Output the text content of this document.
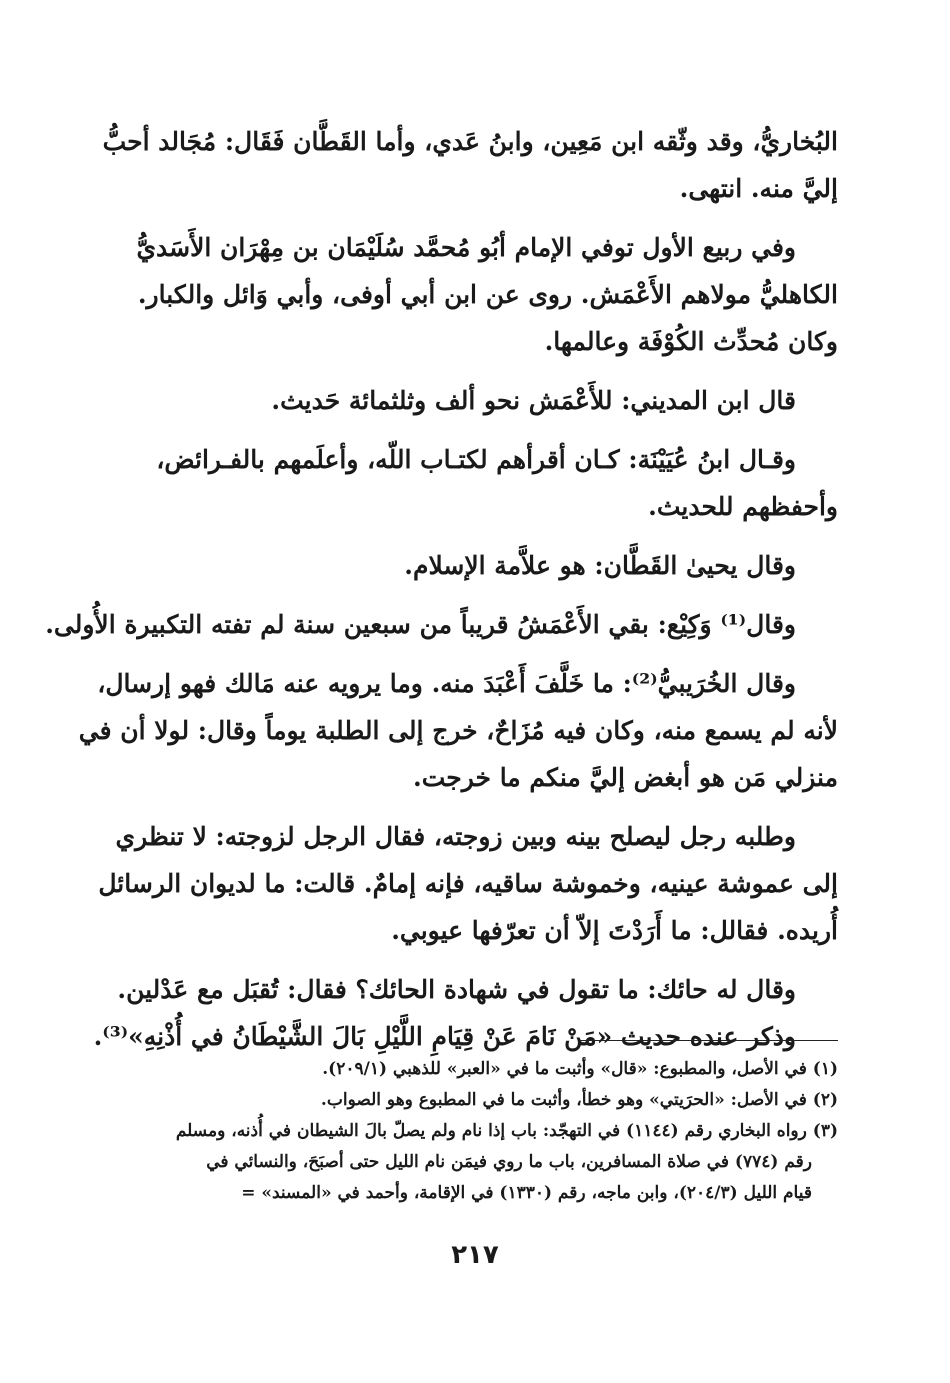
البُخاريُّ، وقد وثّقه ابن مَعِين، وابنُ عَدي، وأما القَطَّان فَقَال: مُجَالد أحبُّ
إليَّ منه. انتهى.
وفي ربيع الأول توفي الإمام أبُو مُحمَّد سُلَيْمَان بن مِهْرَان الأَسَديُّ
الكاهليُّ مولاهم الأَعْمَش. روى عن ابن أبي أوفى، وأبي وَائل والكبار.
وكان مُحدِّث الكُوْفَة وعالمها.
قال ابن المديني: للأَعْمَش نحو ألف وثلثمائة حَديث.
وقـال ابنُ عُيَيْنَة: كـان أقرأهم لكتـاب اللّه، وأعلَمهم بالفـرائض،
وأحفظهم للحديث.
وقال يحيىٰ القَطَّان: هو علاَّمة الإسلام.
وقال⁽¹⁾ وَكِيْع: بقي الأَعْمَشُ قريباً من سبعين سنة لم تفته التكبيرة الأُولى.
وقال الخُرَيبيُّ⁽²⁾: ما خَلَّفَ أَعْبَدَ منه. وما يرويه عنه مَالك فهو إرسال،
لأنه لم يسمع منه، وكان فيه مُزَاحٌ، خرج إلى الطلبة يوماً وقال: لولا أن في
منزلي مَن هو أبغض إليَّ منكم ما خرجت.
وطلبه رجل ليصلح بينه وبين زوجته، فقال الرجل لزوجته: لا تنظري
إلى عموشة عينيه، وخموشة ساقيه، فإنه إمامٌ. قالت: ما لديوان الرسائل
أُريده. فقالل: ما أَرَدْتَ إلاّ أن تعرّفها عيوبي.
وقال له حائك: ما تقول في شهادة الحائك؟ فقال: تُقبَل مع عَدْلين.
وذكر عنده حديث «مَنْ نَامَ عَنْ قِيَامِ اللَّيْلِ بَالَ الشَّيْطَانُ في أُذْنِهِ»⁽³⁾.
(١) في الأصل، والمطبوع: «قال» وأثبت ما في «العبر» للذهبي (٢٠٩/١).
(٢) في الأصل: «الحرَيتي» وهو خطأ، وأثبت ما في المطبوع وهو الصواب.
(٣) رواه البخاري رقم (١١٤٤) في التهجّد: باب إذا نام ولم يصلّ بالَ الشيطان في أُذنه، ومسلم
رقم (٧٧٤) في صلاة المسافرين، باب ما روي فيمَن نام الليل حتى أصبَحَ، والنسائي في
قيام الليل (٢٠٤/٣)، وابن ماجه، رقم (١٣٣٠) في الإقامة، وأحمد في «المسند» =
٢١٧
